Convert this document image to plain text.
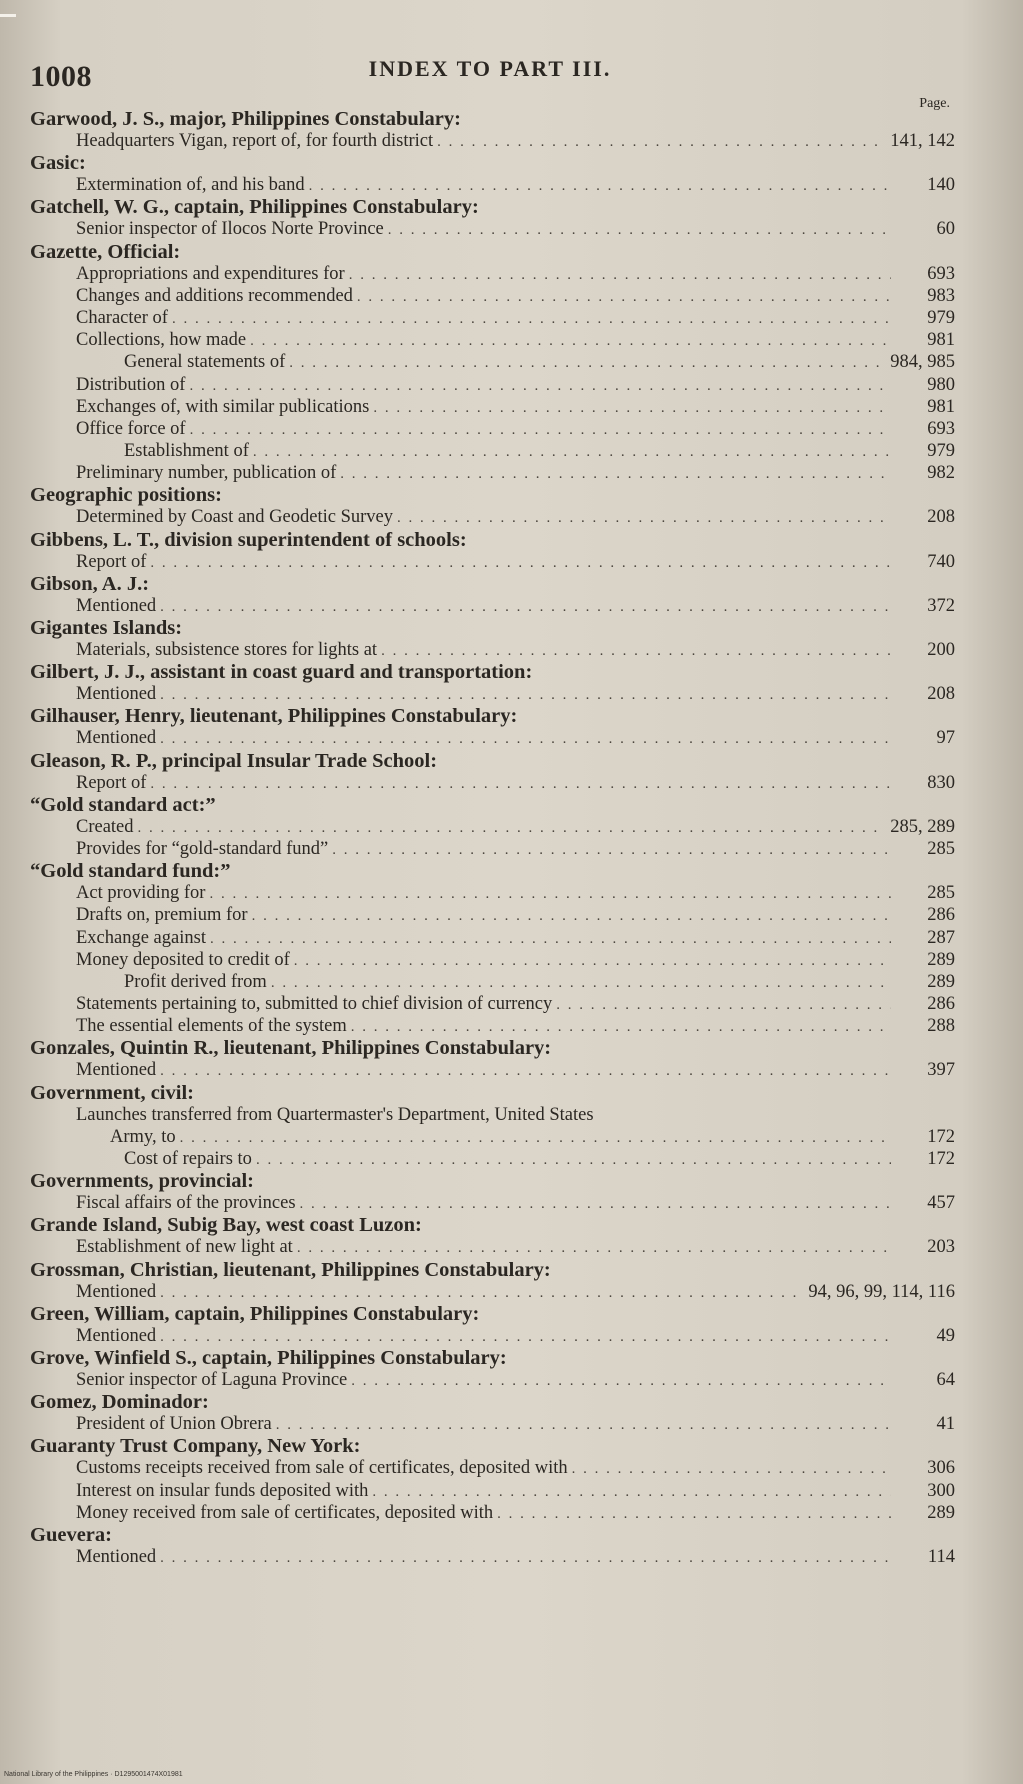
1008	INDEX TO PART III.
Page.
Garwood, J. S., major, Philippines Constabulary:
Headquarters Vigan, report of, for fourth district . . .	141, 142
Gasic:
Extermination of, and his band . . .	140
Gatchell, W. G., captain, Philippines Constabulary:
Senior inspector of Ilocos Norte Province . . .	60
Gazette, Official:
Appropriations and expenditures for . . .	693
Changes and additions recommended . . .	983
Character of . . .	979
Collections, how made . . .	981
General statements of . . .	984, 985
Distribution of . . .	980
Exchanges of, with similar publications . . .	981
Office force of . . .	693
Establishment of . . .	979
Preliminary number, publication of . . .	982
Geographic positions:
Determined by Coast and Geodetic Survey . . .	208
Gibbens, L. T., division superintendent of schools:
Report of . . .	740
Gibson, A. J.:
Mentioned . . .	372
Gigantes Islands:
Materials, subsistence stores for lights at . . .	200
Gilbert, J. J., assistant in coast guard and transportation:
Mentioned . . .	208
Gilhauser, Henry, lieutenant, Philippines Constabulary:
Mentioned . . .	97
Gleason, R. P., principal Insular Trade School:
Report of . . .	830
“Gold standard act:”
Created . . .	285, 289
Provides for “gold-standard fund” . . .	285
“Gold standard fund:”
Act providing for . . .	285
Drafts on, premium for . . .	286
Exchange against . . .	287
Money deposited to credit of . . .	289
Profit derived from . . .	289
Statements pertaining to, submitted to chief division of currency . . .	286
The essential elements of the system . . .	288
Gonzales, Quintin R., lieutenant, Philippines Constabulary:
Mentioned . . .	397
Government, civil:
Launches transferred from Quartermaster's Department, United States
Army, to . . .	172
Cost of repairs to . . .	172
Governments, provincial:
Fiscal affairs of the provinces . . .	457
Grande Island, Subig Bay, west coast Luzon:
Establishment of new light at . . .	203
Grossman, Christian, lieutenant, Philippines Constabulary:
Mentioned . . .	94, 96, 99, 114, 116
Green, William, captain, Philippines Constabulary:
Mentioned . . .	49
Grove, Winfield S., captain, Philippines Constabulary:
Senior inspector of Laguna Province . . .	64
Gomez, Dominador:
President of Union Obrera . . .	41
Guaranty Trust Company, New York:
Customs receipts received from sale of certificates, deposited with . . .	306
Interest on insular funds deposited with . . .	300
Money received from sale of certificates, deposited with . . .	289
Guevera:
Mentioned . . .	114
National Library of the Philippines · D1295001474X01981
